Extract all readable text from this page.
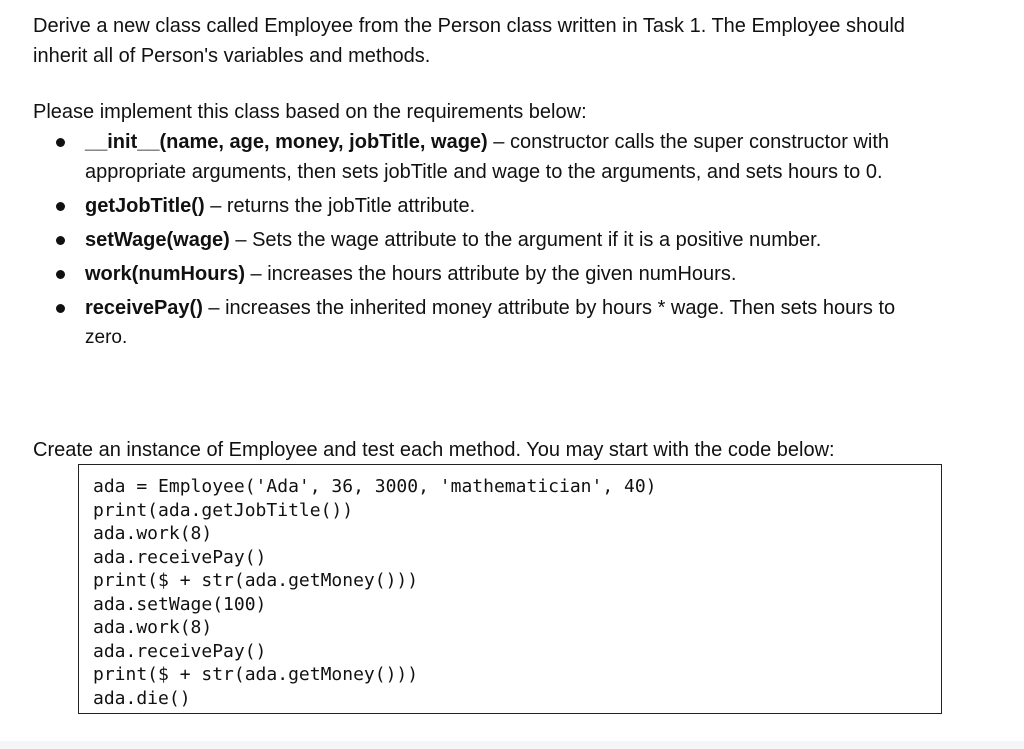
Derive a new class called Employee from the Person class written in Task 1. The Employee should
inherit all of Person's variables and methods.

Please implement this class based on the requirements below:

__init__(name, age, money, jobTitle, wage) – constructor calls the super constructor with
appropriate arguments, then sets jobTitle and wage to the arguments, and sets hours to 0.
getJobTitle() – returns the jobTitle attribute.
setWage(wage) – Sets the wage attribute to the argument if it is a positive number.
work(numHours) – increases the hours attribute by the given numHours.
receivePay() – increases the inherited money attribute by hours * wage. Then sets hours to
zero.

Create an instance of Employee and test each method. You may start with the code below:

ada = Employee('Ada', 36, 3000, 'mathematician', 40)
print(ada.getJobTitle())
ada.work(8)
ada.receivePay()
print($ + str(ada.getMoney()))
ada.setWage(100)
ada.work(8)
ada.receivePay()
print($ + str(ada.getMoney()))
ada.die()
